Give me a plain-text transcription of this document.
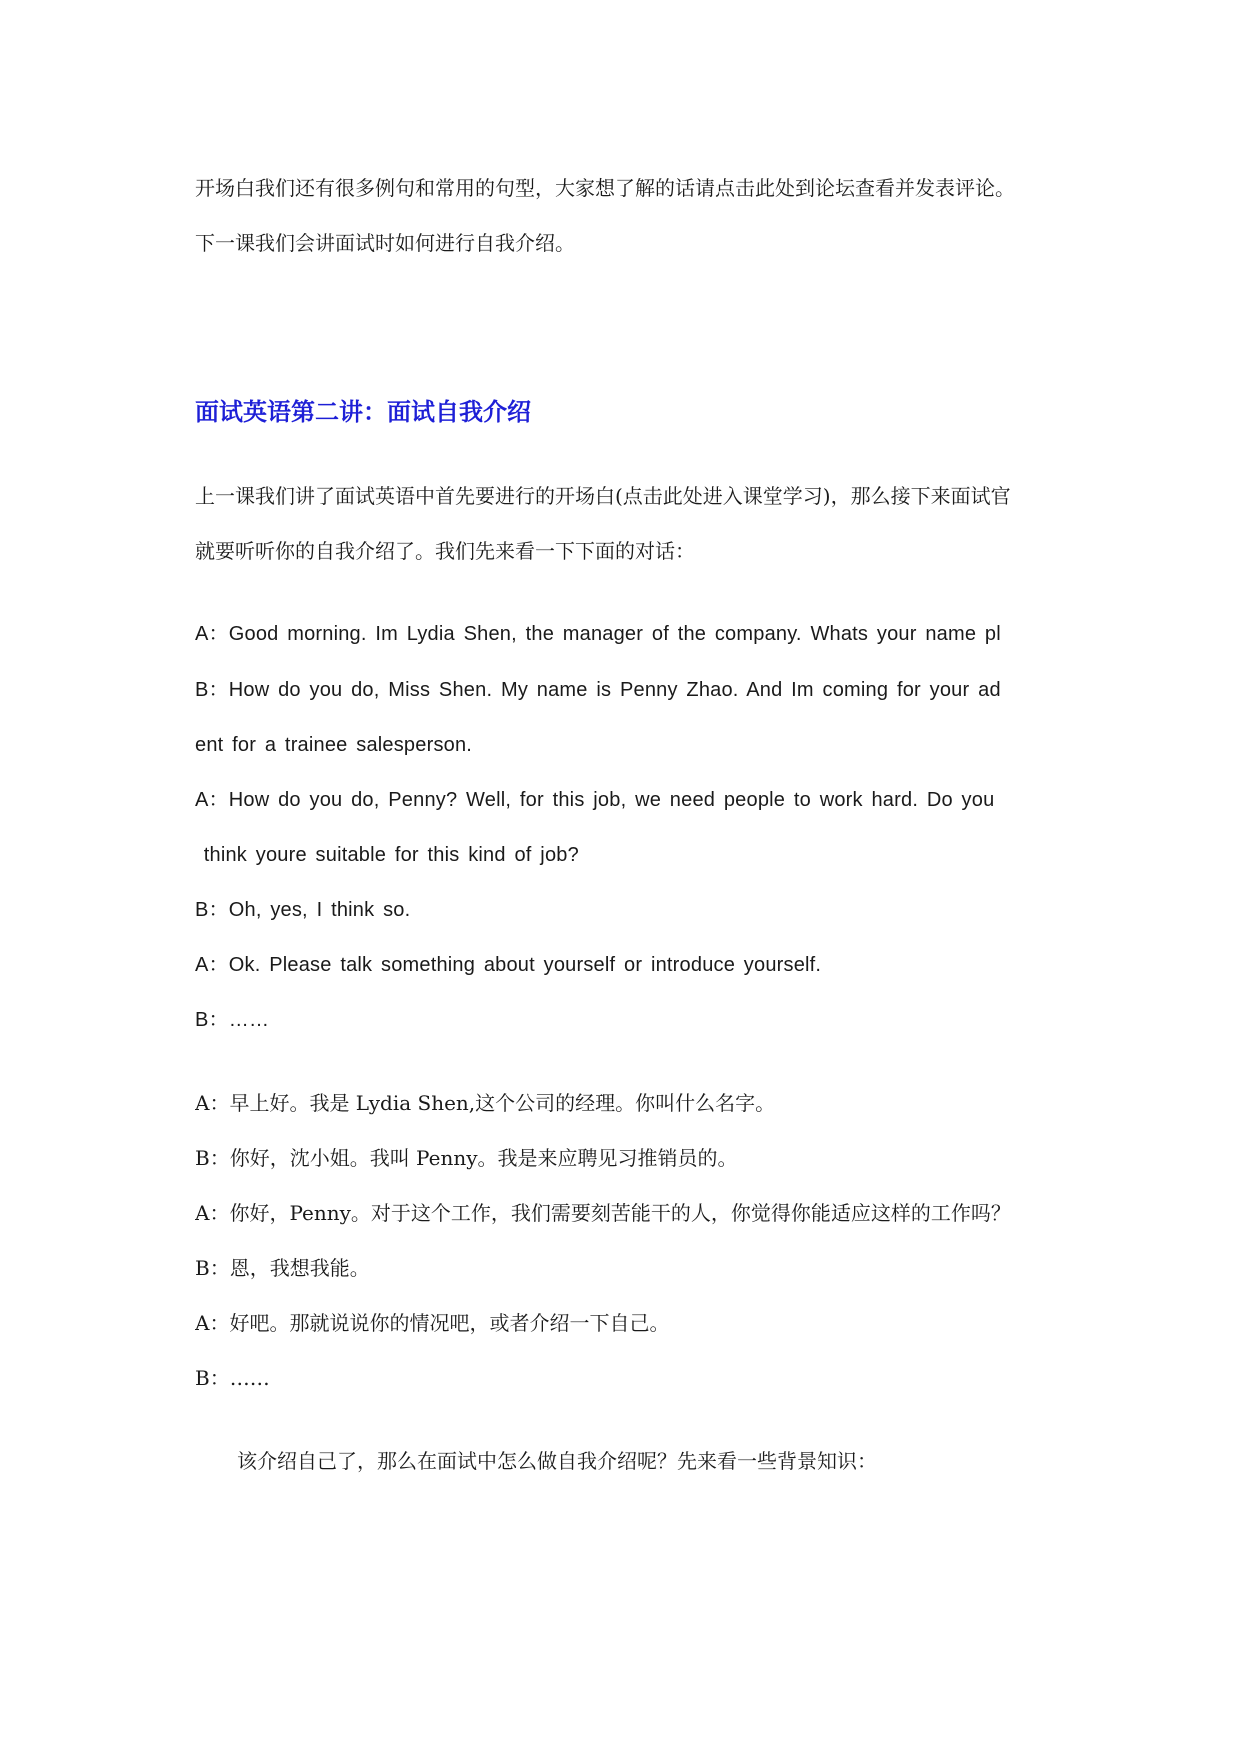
开场白我们还有很多例句和常用的句型，大家想了解的话请点击此处到论坛查看并发表评论。
下一课我们会讲面试时如何进行自我介绍。
面试英语第二讲：面试自我介绍
上一课我们讲了面试英语中首先要进行的开场白(点击此处进入课堂学习)，那么接下来面试官
就要听听你的自我介绍了。我们先来看一下下面的对话：
A：Good morning. Im Lydia Shen, the manager of the company. Whats your name pl
B：How do you do, Miss Shen. My name is Penny Zhao. And Im coming for your ad
ent for a trainee salesperson.
A：How do you do, Penny? Well, for this job, we need people to work hard. Do you
think youre suitable for this kind of job?
B：Oh, yes, I think so.
A：Ok. Please talk something about yourself or introduce yourself.
B：……
A：早上好。我是 Lydia Shen,这个公司的经理。你叫什么名字。
B：你好，沈小姐。我叫 Penny。我是来应聘见习推销员的。
A：你好，Penny。对于这个工作，我们需要刻苦能干的人，你觉得你能适应这样的工作吗？
B：恩，我想我能。
A：好吧。那就说说你的情况吧，或者介绍一下自己。
B：……
该介绍自己了，那么在面试中怎么做自我介绍呢？先来看一些背景知识：
